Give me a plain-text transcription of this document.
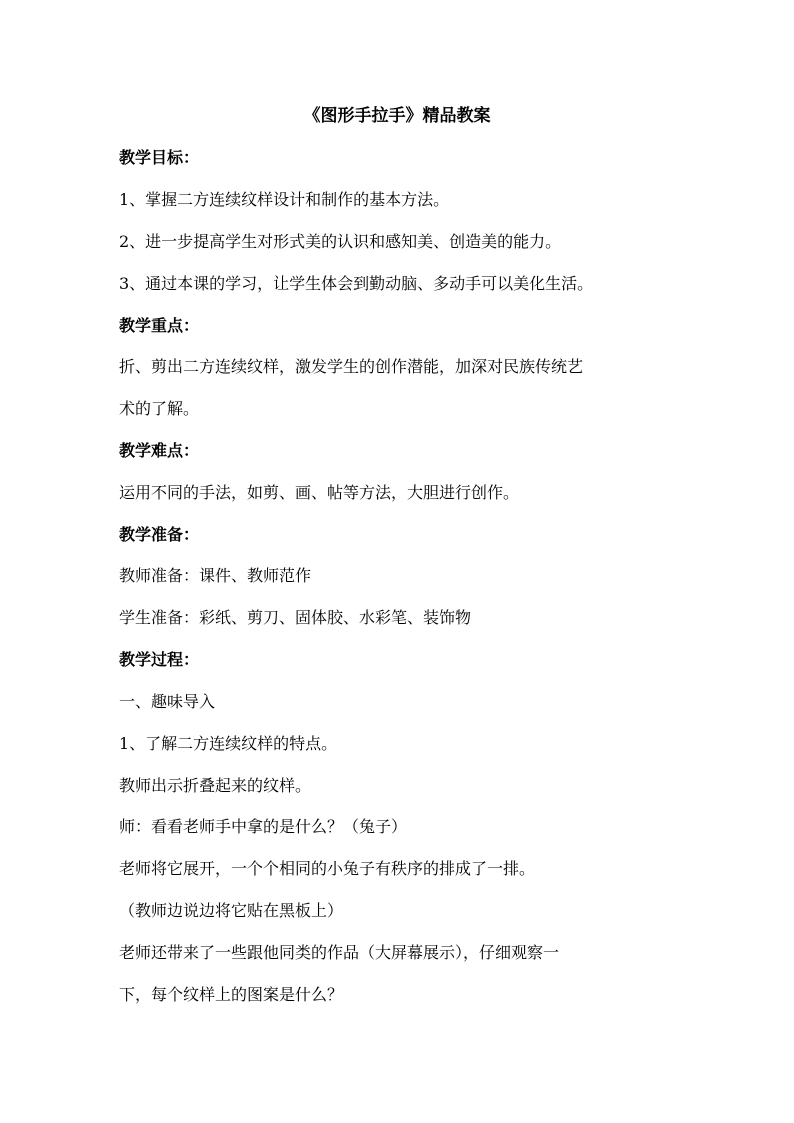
《图形手拉手》精品教案
教学目标：
1、掌握二方连续纹样设计和制作的基本方法。
2、进一步提高学生对形式美的认识和感知美、创造美的能力。
3、通过本课的学习，让学生体会到勤动脑、多动手可以美化生活。
教学重点：
折、剪出二方连续纹样，激发学生的创作潜能，加深对民族传统艺
术的了解。
教学难点：
运用不同的手法，如剪、画、帖等方法，大胆进行创作。
教学准备：
教师准备：课件、教师范作
学生准备：彩纸、剪刀、固体胶、水彩笔、装饰物
教学过程：
一、趣味导入
1、了解二方连续纹样的特点。
教师出示折叠起来的纹样。
师：看看老师手中拿的是什么？（兔子）
老师将它展开，一个个相同的小兔子有秩序的排成了一排。
（教师边说边将它贴在黑板上）
老师还带来了一些跟他同类的作品（大屏幕展示），仔细观察一
下，每个纹样上的图案是什么？
